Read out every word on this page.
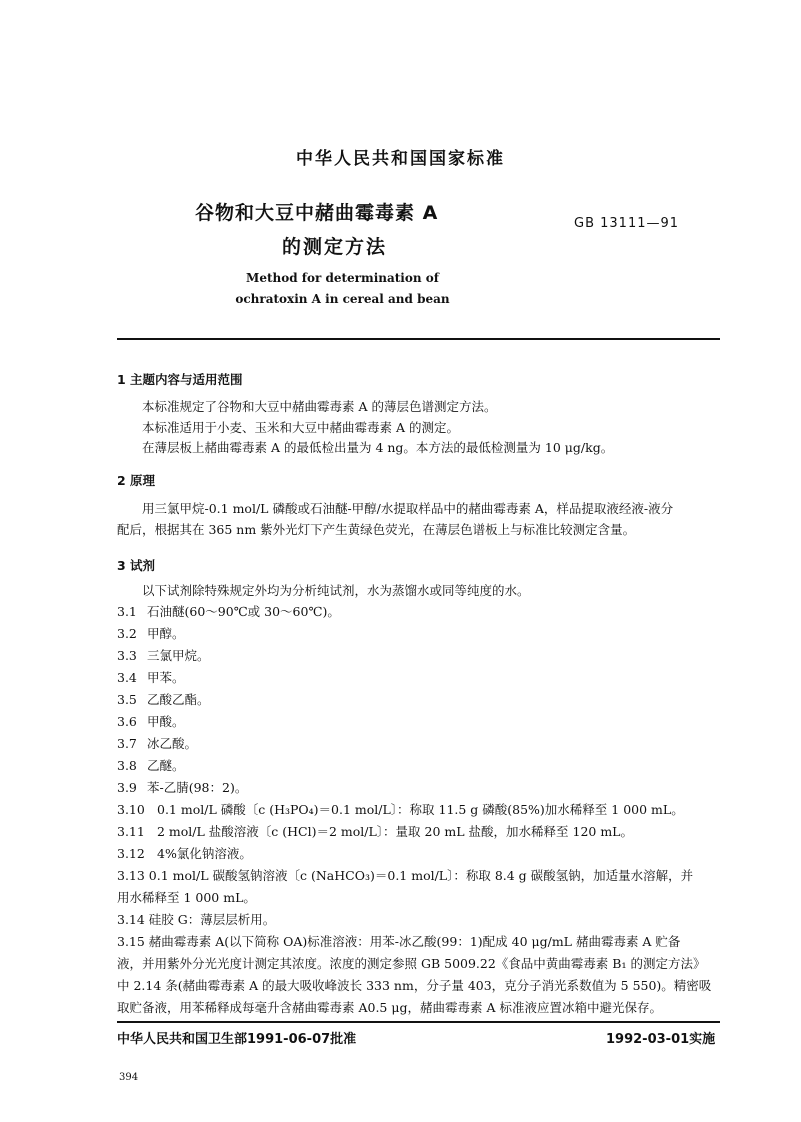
中华人民共和国国家标准
谷物和大豆中赭曲霉毒素 A
的测定方法
GB 13111—91
Method for determination of
ochratoxin A in cereal and bean
1 主题内容与适用范围
本标准规定了谷物和大豆中赭曲霉毒素 A 的薄层色谱测定方法。
本标准适用于小麦、玉米和大豆中赭曲霉毒素 A 的测定。
在薄层板上赭曲霉毒素 A 的最低检出量为 4 ng。本方法的最低检测量为 10 μg/kg。
2 原理
用三氯甲烷-0.1 mol/L 磷酸或石油醚-甲醇/水提取样品中的赭曲霉毒素 A，样品提取液经液-液分
配后，根据其在 365 nm 紫外光灯下产生黄绿色荧光，在薄层色谱板上与标准比较测定含量。
3 试剂
以下试剂除特殊规定外均为分析纯试剂，水为蒸馏水或同等纯度的水。
3.1 石油醚(60～90℃或 30～60℃)。
3.2 甲醇。
3.3 三氯甲烷。
3.4 甲苯。
3.5 乙酸乙酯。
3.6 甲酸。
3.7 冰乙酸。
3.8 乙醚。
3.9 苯-乙腈(98：2)。
3.10 0.1 mol/L 磷酸〔c (H₃PO₄)＝0.1 mol/L〕：称取 11.5 g 磷酸(85%)加水稀释至 1 000 mL。
3.11 2 mol/L 盐酸溶液〔c (HCl)＝2 mol/L〕：量取 20 mL 盐酸，加水稀释至 120 mL。
3.12 4%氯化钠溶液。
3.13 0.1 mol/L 碳酸氢钠溶液〔c (NaHCO₃)＝0.1 mol/L〕：称取 8.4 g 碳酸氢钠，加适量水溶解，并
用水稀释至 1 000 mL。
3.14 硅胶 G：薄层层析用。
3.15 赭曲霉毒素 A(以下简称 OA)标准溶液：用苯-冰乙酸(99：1)配成 40 μg/mL 赭曲霉毒素 A 贮备
液，并用紫外分光光度计测定其浓度。浓度的测定参照 GB 5009.22《食品中黄曲霉毒素 B₁ 的测定方法》
中 2.14 条(赭曲霉毒素 A 的最大吸收峰波长 333 nm，分子量 403，克分子消光系数值为 5 550)。精密吸
取贮备液，用苯稀释成每毫升含赭曲霉毒素 A0.5 μg，赭曲霉毒素 A 标准液应置冰箱中避光保存。
中华人民共和国卫生部1991-06-07批准	1992-03-01实施
394
